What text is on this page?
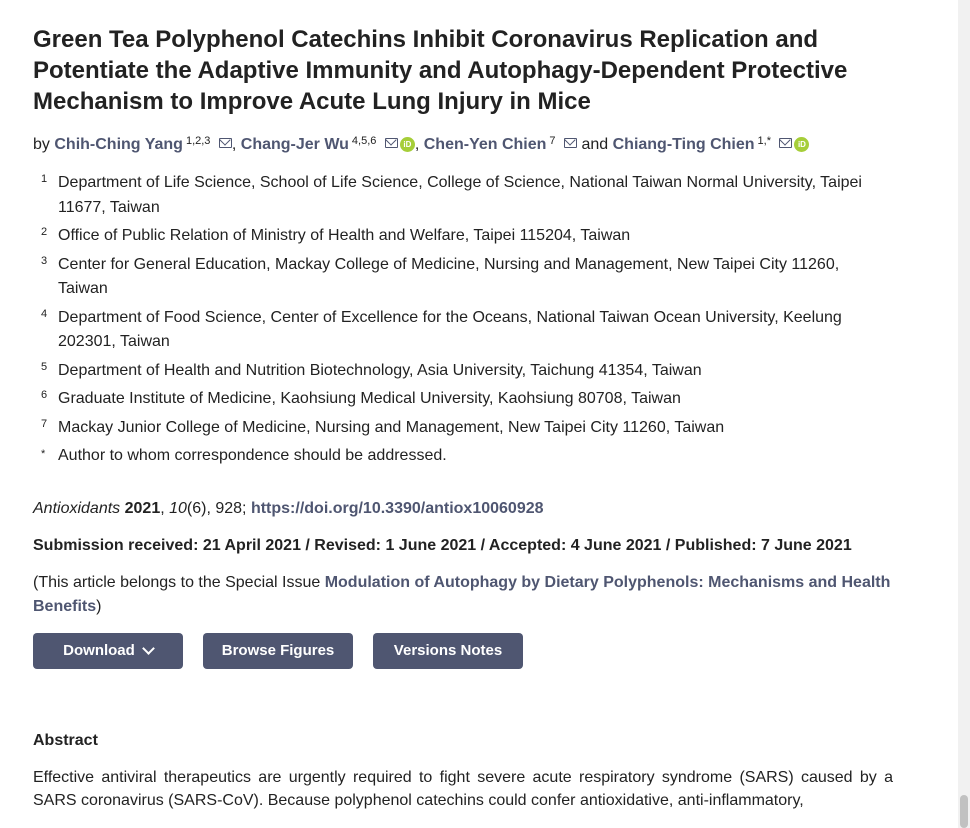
Green Tea Polyphenol Catechins Inhibit Coronavirus Replication and Potentiate the Adaptive Immunity and Autophagy-Dependent Protective Mechanism to Improve Acute Lung Injury in Mice
by Chih-Ching Yang $^{1,2,3}$ , Chang-Jer Wu $^{4,5,6}$	iD , Chen-Yen Chien $^7$ and Chiang-Ting Chien $^{1,*}$	iD
1 Department of Life Science, School of Life Science, College of Science, National Taiwan Normal University, Taipei 11677, Taiwan
2 Office of Public Relation of Ministry of Health and Welfare, Taipei 115204, Taiwan
3 Center for General Education, Mackay College of Medicine, Nursing and Management, New Taipei City 11260, Taiwan
4 Department of Food Science, Center of Excellence for the Oceans, National Taiwan Ocean University, Keelung 202301, Taiwan
5 Department of Health and Nutrition Biotechnology, Asia University, Taichung 41354, Taiwan
6 Graduate Institute of Medicine, Kaohsiung Medical University, Kaohsiung 80708, Taiwan
7 Mackay Junior College of Medicine, Nursing and Management, New Taipei City 11260, Taiwan
* Author to whom correspondence should be addressed.
Antioxidants 2021, 10(6), 928; https://doi.org/10.3390/antiox10060928
Submission received: 21 April 2021 / Revised: 1 June 2021 / Accepted: 4 June 2021 / Published: 7 June 2021
(This article belongs to the Special Issue Modulation of Autophagy by Dietary Polyphenols: Mechanisms and Health Benefits)
Download	Browse Figures	Versions Notes
Abstract
Effective antiviral therapeutics are urgently required to fight severe acute respiratory syndrome (SARS) caused by a SARS coronavirus (SARS-CoV). Because polyphenol catechins could confer antioxidative, anti-inflammatory,
